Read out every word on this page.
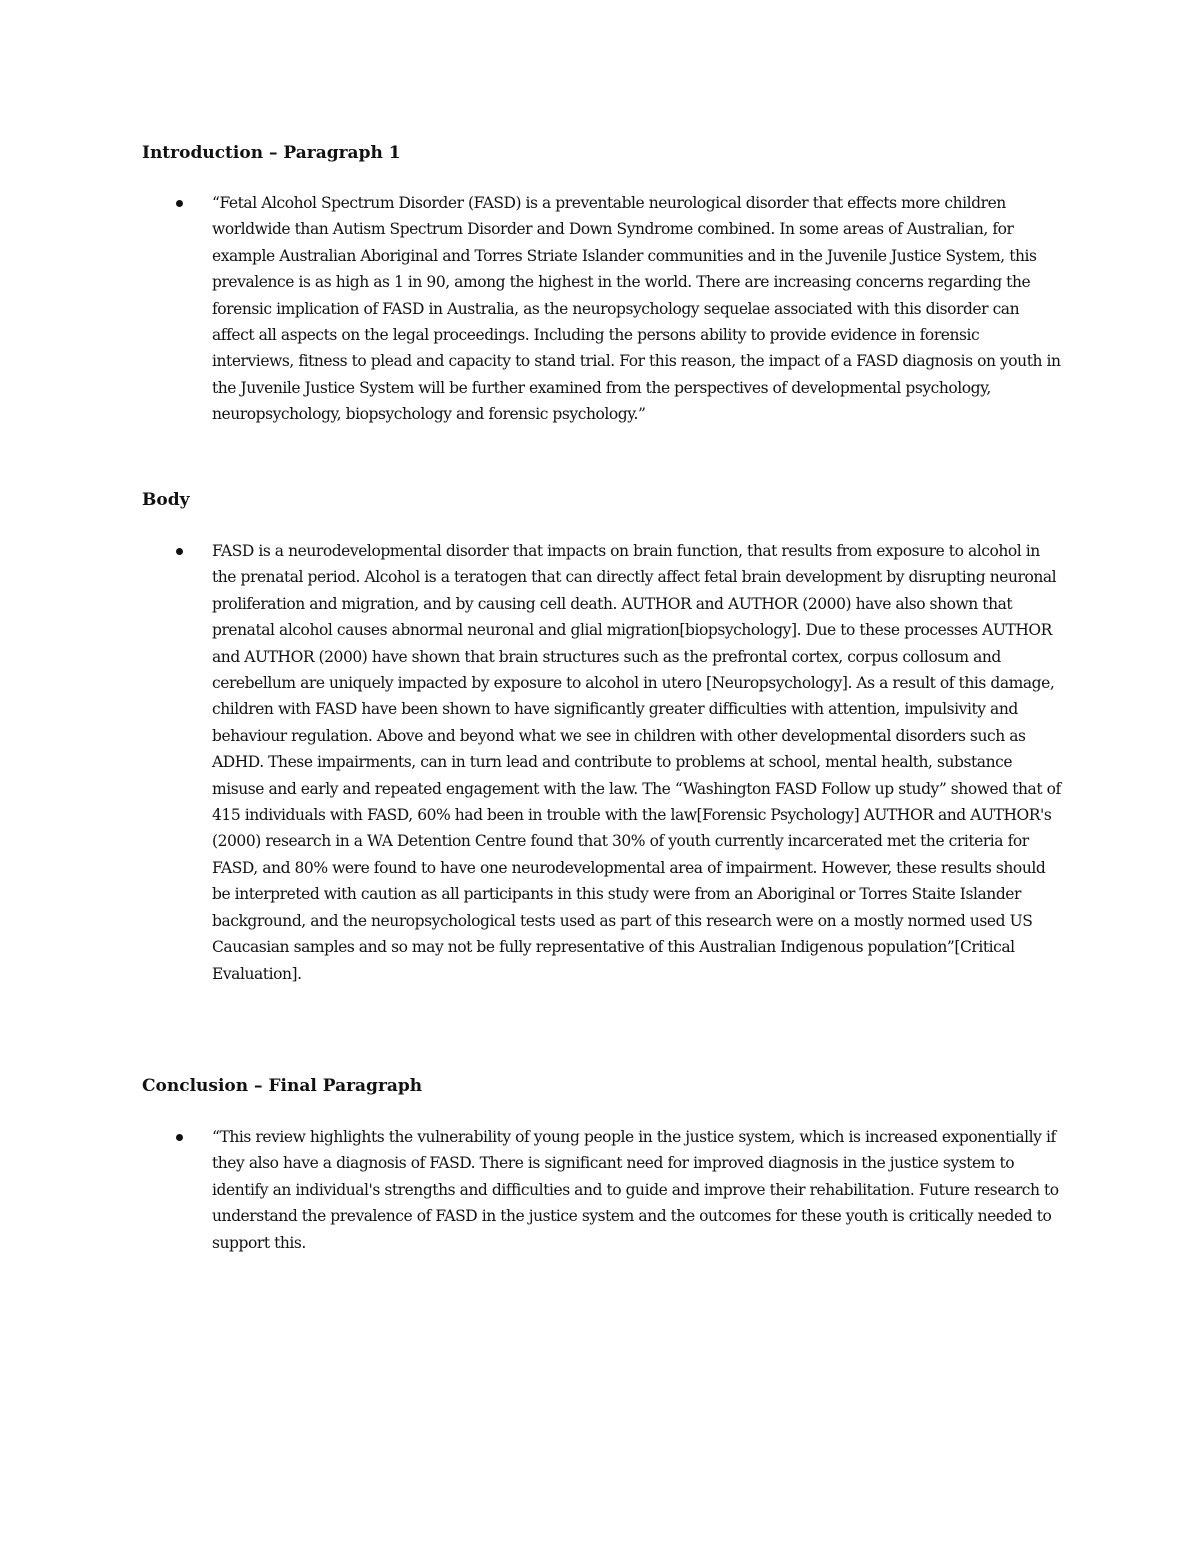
Introduction – Paragraph 1

“Fetal Alcohol Spectrum Disorder (FASD) is a preventable neurological disorder that effects more children worldwide than Autism Spectrum Disorder and Down Syndrome combined. In some areas of Australian, for example Australian Aboriginal and Torres Striate Islander communities and in the Juvenile Justice System, this prevalence is as high as 1 in 90, among the highest in the world. There are increasing concerns regarding the forensic implication of FASD in Australia, as the neuropsychology sequelae associated with this disorder can affect all aspects on the legal proceedings. Including the persons ability to provide evidence in forensic interviews, fitness to plead and capacity to stand trial. For this reason, the impact of a FASD diagnosis on youth in the Juvenile Justice System will be further examined from the perspectives of developmental psychology, neuropsychology, biopsychology and forensic psychology.”

Body

FASD is a neurodevelopmental disorder that impacts on brain function, that results from exposure to alcohol in the prenatal period. Alcohol is a teratogen that can directly affect fetal brain development by disrupting neuronal proliferation and migration, and by causing cell death. AUTHOR and AUTHOR (2000) have also shown that prenatal alcohol causes abnormal neuronal and glial migration[biopsychology]. Due to these processes AUTHOR and AUTHOR (2000) have shown that brain structures such as the prefrontal cortex, corpus collosum and cerebellum are uniquely impacted by exposure to alcohol in utero [Neuropsychology]. As a result of this damage, children with FASD have been shown to have significantly greater difficulties with attention, impulsivity and behaviour regulation. Above and beyond what we see in children with other developmental disorders such as ADHD. These impairments, can in turn lead and contribute to problems at school, mental health, substance misuse and early and repeated engagement with the law. The “Washington FASD Follow up study” showed that of 415 individuals with FASD, 60% had been in trouble with the law[Forensic Psychology] AUTHOR and AUTHOR's (2000) research in a WA Detention Centre found that 30% of youth currently incarcerated met the criteria for FASD, and 80% were found to have one neurodevelopmental area of impairment. However, these results should be interpreted with caution as all participants in this study were from an Aboriginal or Torres Staite Islander background, and the neuropsychological tests used as part of this research were on a mostly normed used US Caucasian samples and so may not be fully representative of this Australian Indigenous population”[Critical Evaluation].

Conclusion – Final Paragraph

“This review highlights the vulnerability of young people in the justice system, which is increased exponentially if they also have a diagnosis of FASD. There is significant need for improved diagnosis in the justice system to identify an individual's strengths and difficulties and to guide and improve their rehabilitation. Future research to understand the prevalence of FASD in the justice system and the outcomes for these youth is critically needed to support this.
